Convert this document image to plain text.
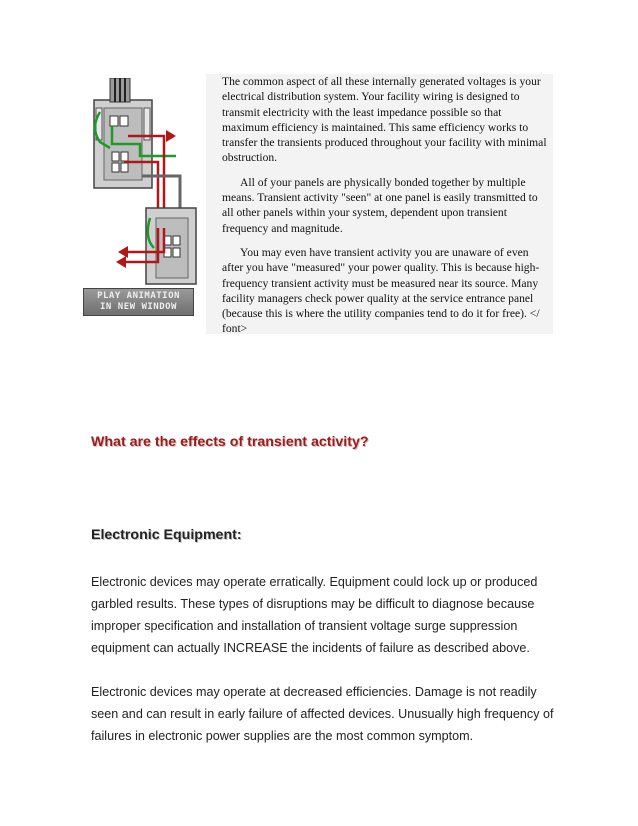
PLAY ANIMATION
IN NEW WINDOW

The common aspect of all these internally generated voltages is your electrical distribution system. Your facility wiring is designed to transmit electricity with the least impedance possible so that maximum efficiency is maintained. This same efficiency works to transfer the transients produced throughout your facility with minimal obstruction.

All of your panels are physically bonded together by multiple means. Transient activity "seen" at one panel is easily transmitted to all other panels within your system, dependent upon transient frequency and magnitude.

You may even have transient activity you are unaware of even after you have "measured" your power quality. This is because high-frequency transient activity must be measured near its source. Many facility managers check power quality at the service entrance panel (because this is where the utility companies tend to do it for free). </ font>

What are the effects of transient activity?
Electronic Equipment:

Electronic devices may operate erratically. Equipment could lock up or produced garbled results. These types of disruptions may be difficult to diagnose because improper specification and installation of transient voltage surge suppression equipment can actually INCREASE the incidents of failure as described above.

Electronic devices may operate at decreased efficiencies. Damage is not readily seen and can result in early failure of affected devices. Unusually high frequency of failures in electronic power supplies are the most common symptom.
